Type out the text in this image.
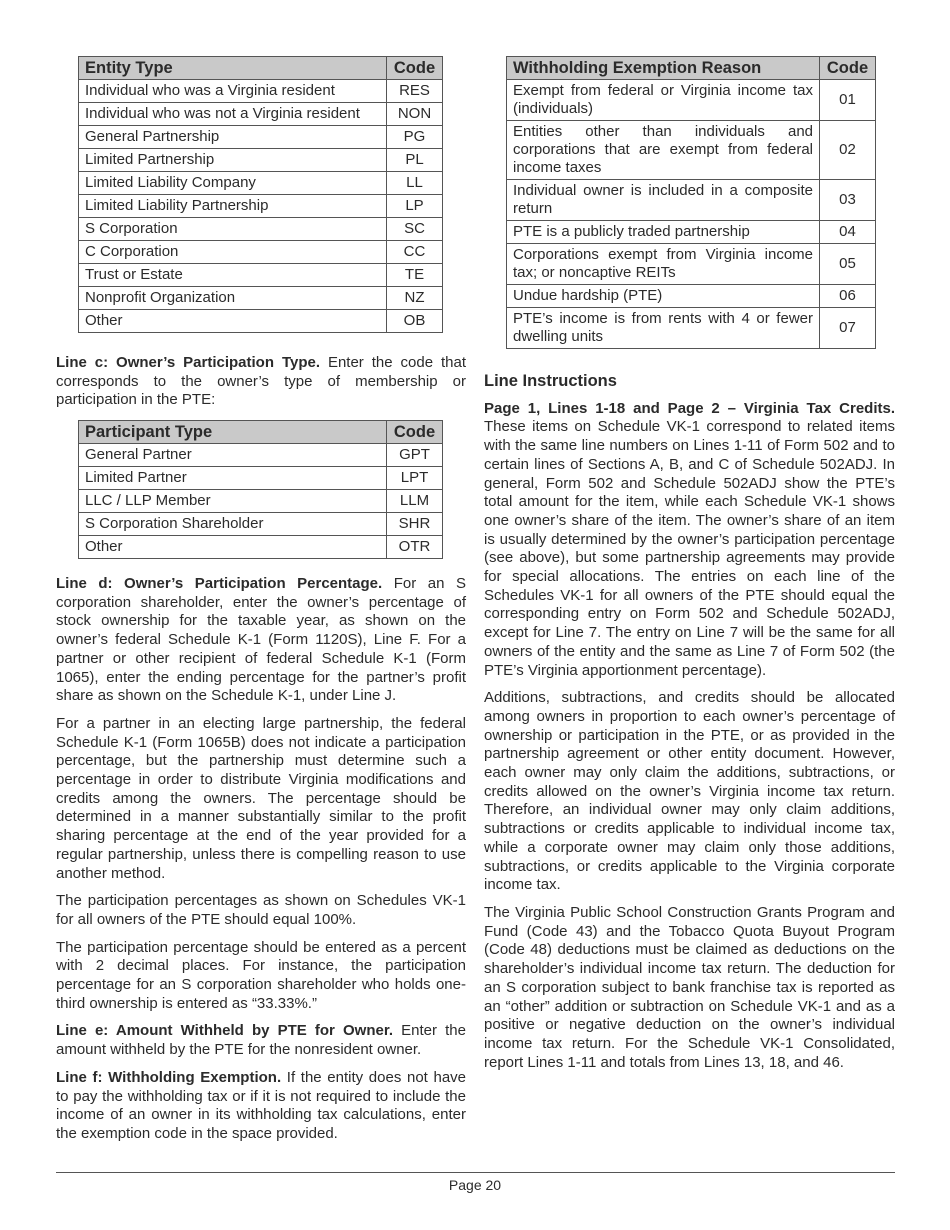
Entity Type	Code
Individual who was a Virginia resident	RES
Individual who was not a Virginia resident	NON
General Partnership	PG
Limited Partnership	PL
Limited Liability Company	LL
Limited Liability Partnership	LP
S Corporation	SC
C Corporation	CC
Trust or Estate	TE
Nonprofit Organization	NZ
Other	OB

Line c: Owner’s Participation Type. Enter the code that corresponds to the owner’s type of membership or participation in the PTE:

Participant Type	Code
General Partner	GPT
Limited Partner	LPT
LLC / LLP Member	LLM
S Corporation Shareholder	SHR
Other	OTR

Line d: Owner’s Participation Percentage. For an S corporation shareholder, enter the owner’s percentage of stock ownership for the taxable year, as shown on the owner’s federal Schedule K-1 (Form 1120S), Line F. For a partner or other recipient of federal Schedule K-1 (Form 1065), enter the ending percentage for the partner’s profit share as shown on the Schedule K-1, under Line J.

For a partner in an electing large partnership, the federal Schedule K-1 (Form 1065B) does not indicate a participation percentage, but the partnership must determine such a percentage in order to distribute Virginia modifications and credits among the owners. The percentage should be determined in a manner substantially similar to the profit sharing percentage at the end of the year provided for a regular partnership, unless there is compelling reason to use another method.

The participation percentages as shown on Schedules VK-1 for all owners of the PTE should equal 100%.

The participation percentage should be entered as a percent with 2 decimal places. For instance, the participation percentage for an S corporation shareholder who holds one-third ownership is entered as “33.33%.”

Line e: Amount Withheld by PTE for Owner. Enter the amount withheld by the PTE for the nonresident owner.

Line f: Withholding Exemption. If the entity does not have to pay the withholding tax or if it is not required to include the income of an owner in its withholding tax calculations, enter the exemption code in the space provided.

Withholding Exemption Reason	Code
Exempt from federal or Virginia income tax (individuals)	01
Entities other than individuals and corporations that are exempt from federal income taxes	02
Individual owner is included in a composite return	03
PTE is a publicly traded partnership	04
Corporations exempt from Virginia income tax; or noncaptive REITs	05
Undue hardship (PTE)	06
PTE’s income is from rents with 4 or fewer dwelling units	07
Line Instructions

Page 1, Lines 1-18 and Page 2 – Virginia Tax Credits. These items on Schedule VK-1 correspond to related items with the same line numbers on Lines 1-11 of Form 502 and to certain lines of Sections A, B, and C of Schedule 502ADJ. In general, Form 502 and Schedule 502ADJ show the PTE’s total amount for the item, while each Schedule VK-1 shows one owner’s share of the item. The owner’s share of an item is usually determined by the owner’s participation percentage (see above), but some partnership agreements may provide for special allocations. The entries on each line of the Schedules VK-1 for all owners of the PTE should equal the corresponding entry on Form 502 and Schedule 502ADJ, except for Line 7. The entry on Line 7 will be the same for all owners of the entity and the same as Line 7 of Form 502 (the PTE’s Virginia apportionment percentage).

Additions, subtractions, and credits should be allocated among owners in proportion to each owner’s percentage of ownership or participation in the PTE, or as provided in the partnership agreement or other entity document. However, each owner may only claim the additions, subtractions, or credits allowed on the owner’s Virginia income tax return. Therefore, an individual owner may only claim additions, subtractions or credits applicable to individual income tax, while a corporate owner may claim only those additions, subtractions, or credits applicable to the Virginia corporate income tax.

The Virginia Public School Construction Grants Program and Fund (Code 43) and the Tobacco Quota Buyout Program (Code 48) deductions must be claimed as deductions on the shareholder’s individual income tax return. The deduction for an S corporation subject to bank franchise tax is reported as an “other” addition or subtraction on Schedule VK-1 and as a positive or negative deduction on the owner’s individual income tax return. For the Schedule VK-1 Consolidated, report Lines 1-11 and totals from Lines 13, 18, and 46.

Page 20
